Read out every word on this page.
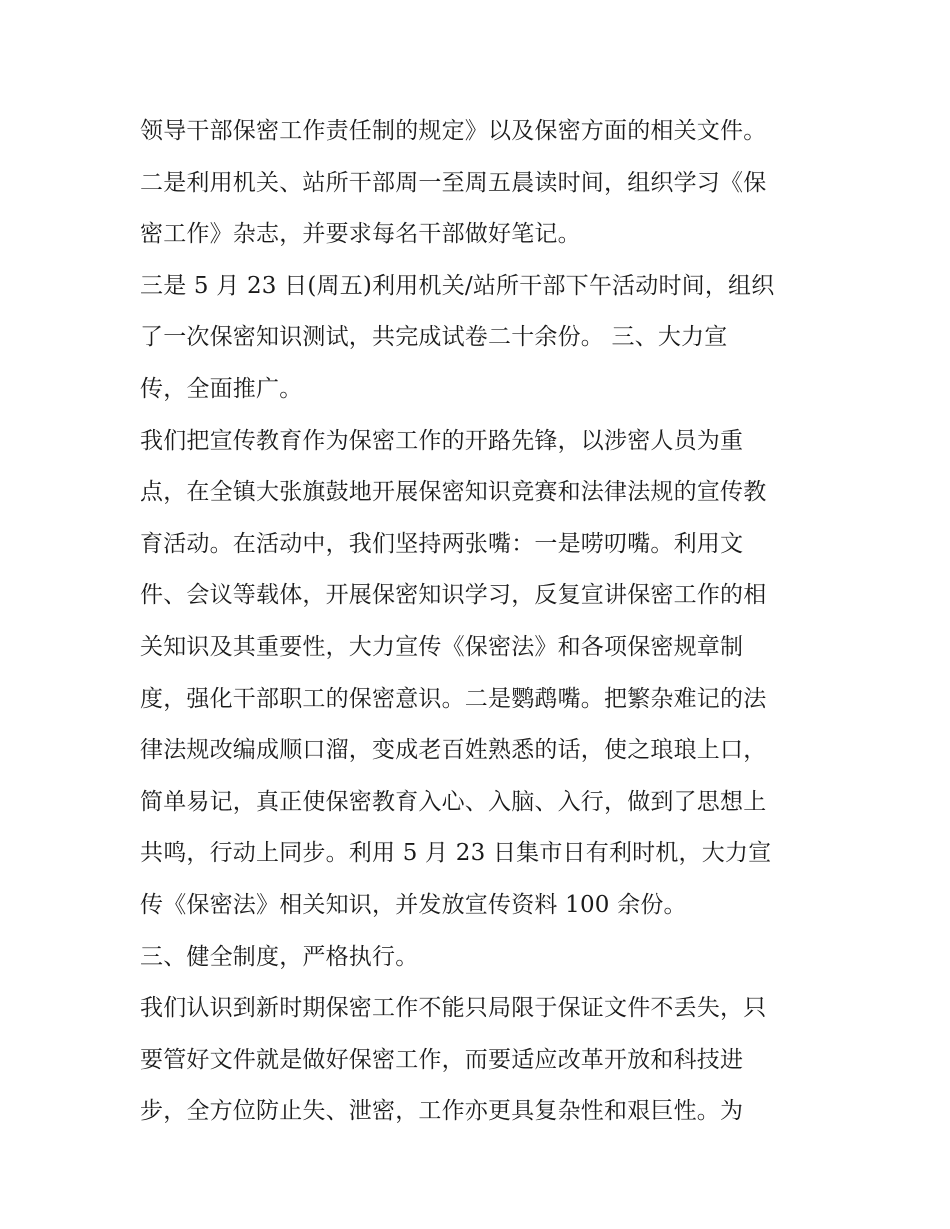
领导干部保密工作责任制的规定》以及保密方面的相关文件。
二是利用机关、站所干部周一至周五晨读时间，组织学习《保
密工作》杂志，并要求每名干部做好笔记。
三是 5 月 23 日(周五)利用机关/站所干部下午活动时间，组织
了一次保密知识测试，共完成试卷二十余份。 三、大力宣
传，全面推广。
我们把宣传教育作为保密工作的开路先锋，以涉密人员为重
点，在全镇大张旗鼓地开展保密知识竞赛和法律法规的宣传教
育活动。在活动中，我们坚持两张嘴：一是唠叨嘴。利用文
件、会议等载体，开展保密知识学习，反复宣讲保密工作的相
关知识及其重要性，大力宣传《保密法》和各项保密规章制
度，强化干部职工的保密意识。二是鹦鹉嘴。把繁杂难记的法
律法规改编成顺口溜，变成老百姓熟悉的话，使之琅琅上口，
简单易记，真正使保密教育入心、入脑、入行，做到了思想上
共鸣，行动上同步。利用 5 月 23 日集市日有利时机，大力宣
传《保密法》相关知识，并发放宣传资料 100 余份。
三、健全制度，严格执行。
我们认识到新时期保密工作不能只局限于保证文件不丢失，只
要管好文件就是做好保密工作，而要适应改革开放和科技进
步，全方位防止失、泄密，工作亦更具复杂性和艰巨性。为
